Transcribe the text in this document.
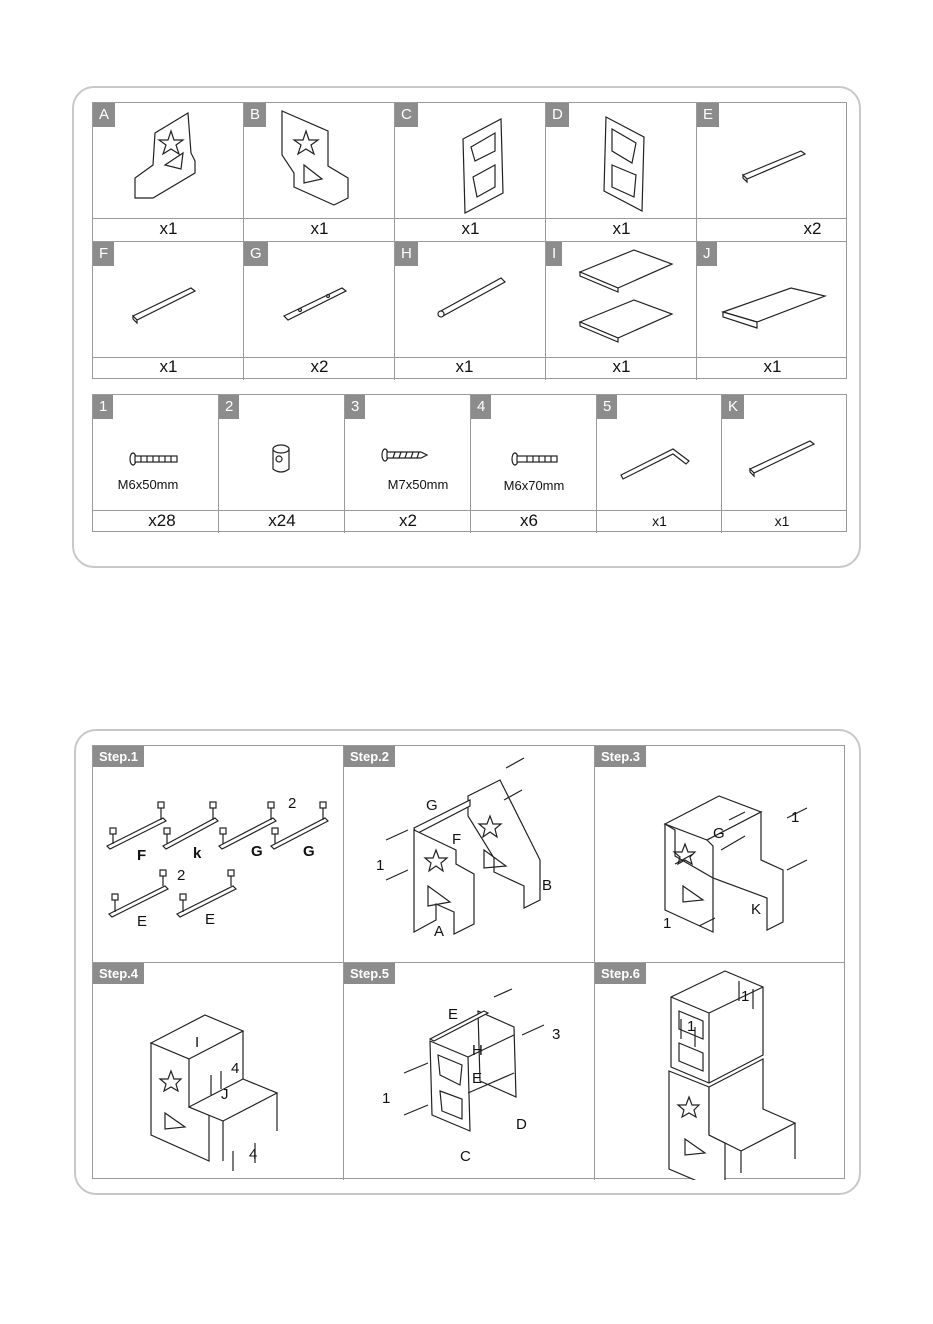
A
x1
B
x1
C
x1
D
x1
E
x2
F
x1
G
x2
H
x1
I
x1
J
x1
1
M6x50mm
x28
2
x24
3
M7x50mm
x2
4
M6x70mm
x6
5
x1
K
x1
Step.1
F	k	G	G
2
2
E	E
Step.2
G
F
1
B
A
Step.3
G
1
K
1
Step.4
I
4
J
4
Step.5
E
3
H
E
1
D
C
Step.6
1
1
